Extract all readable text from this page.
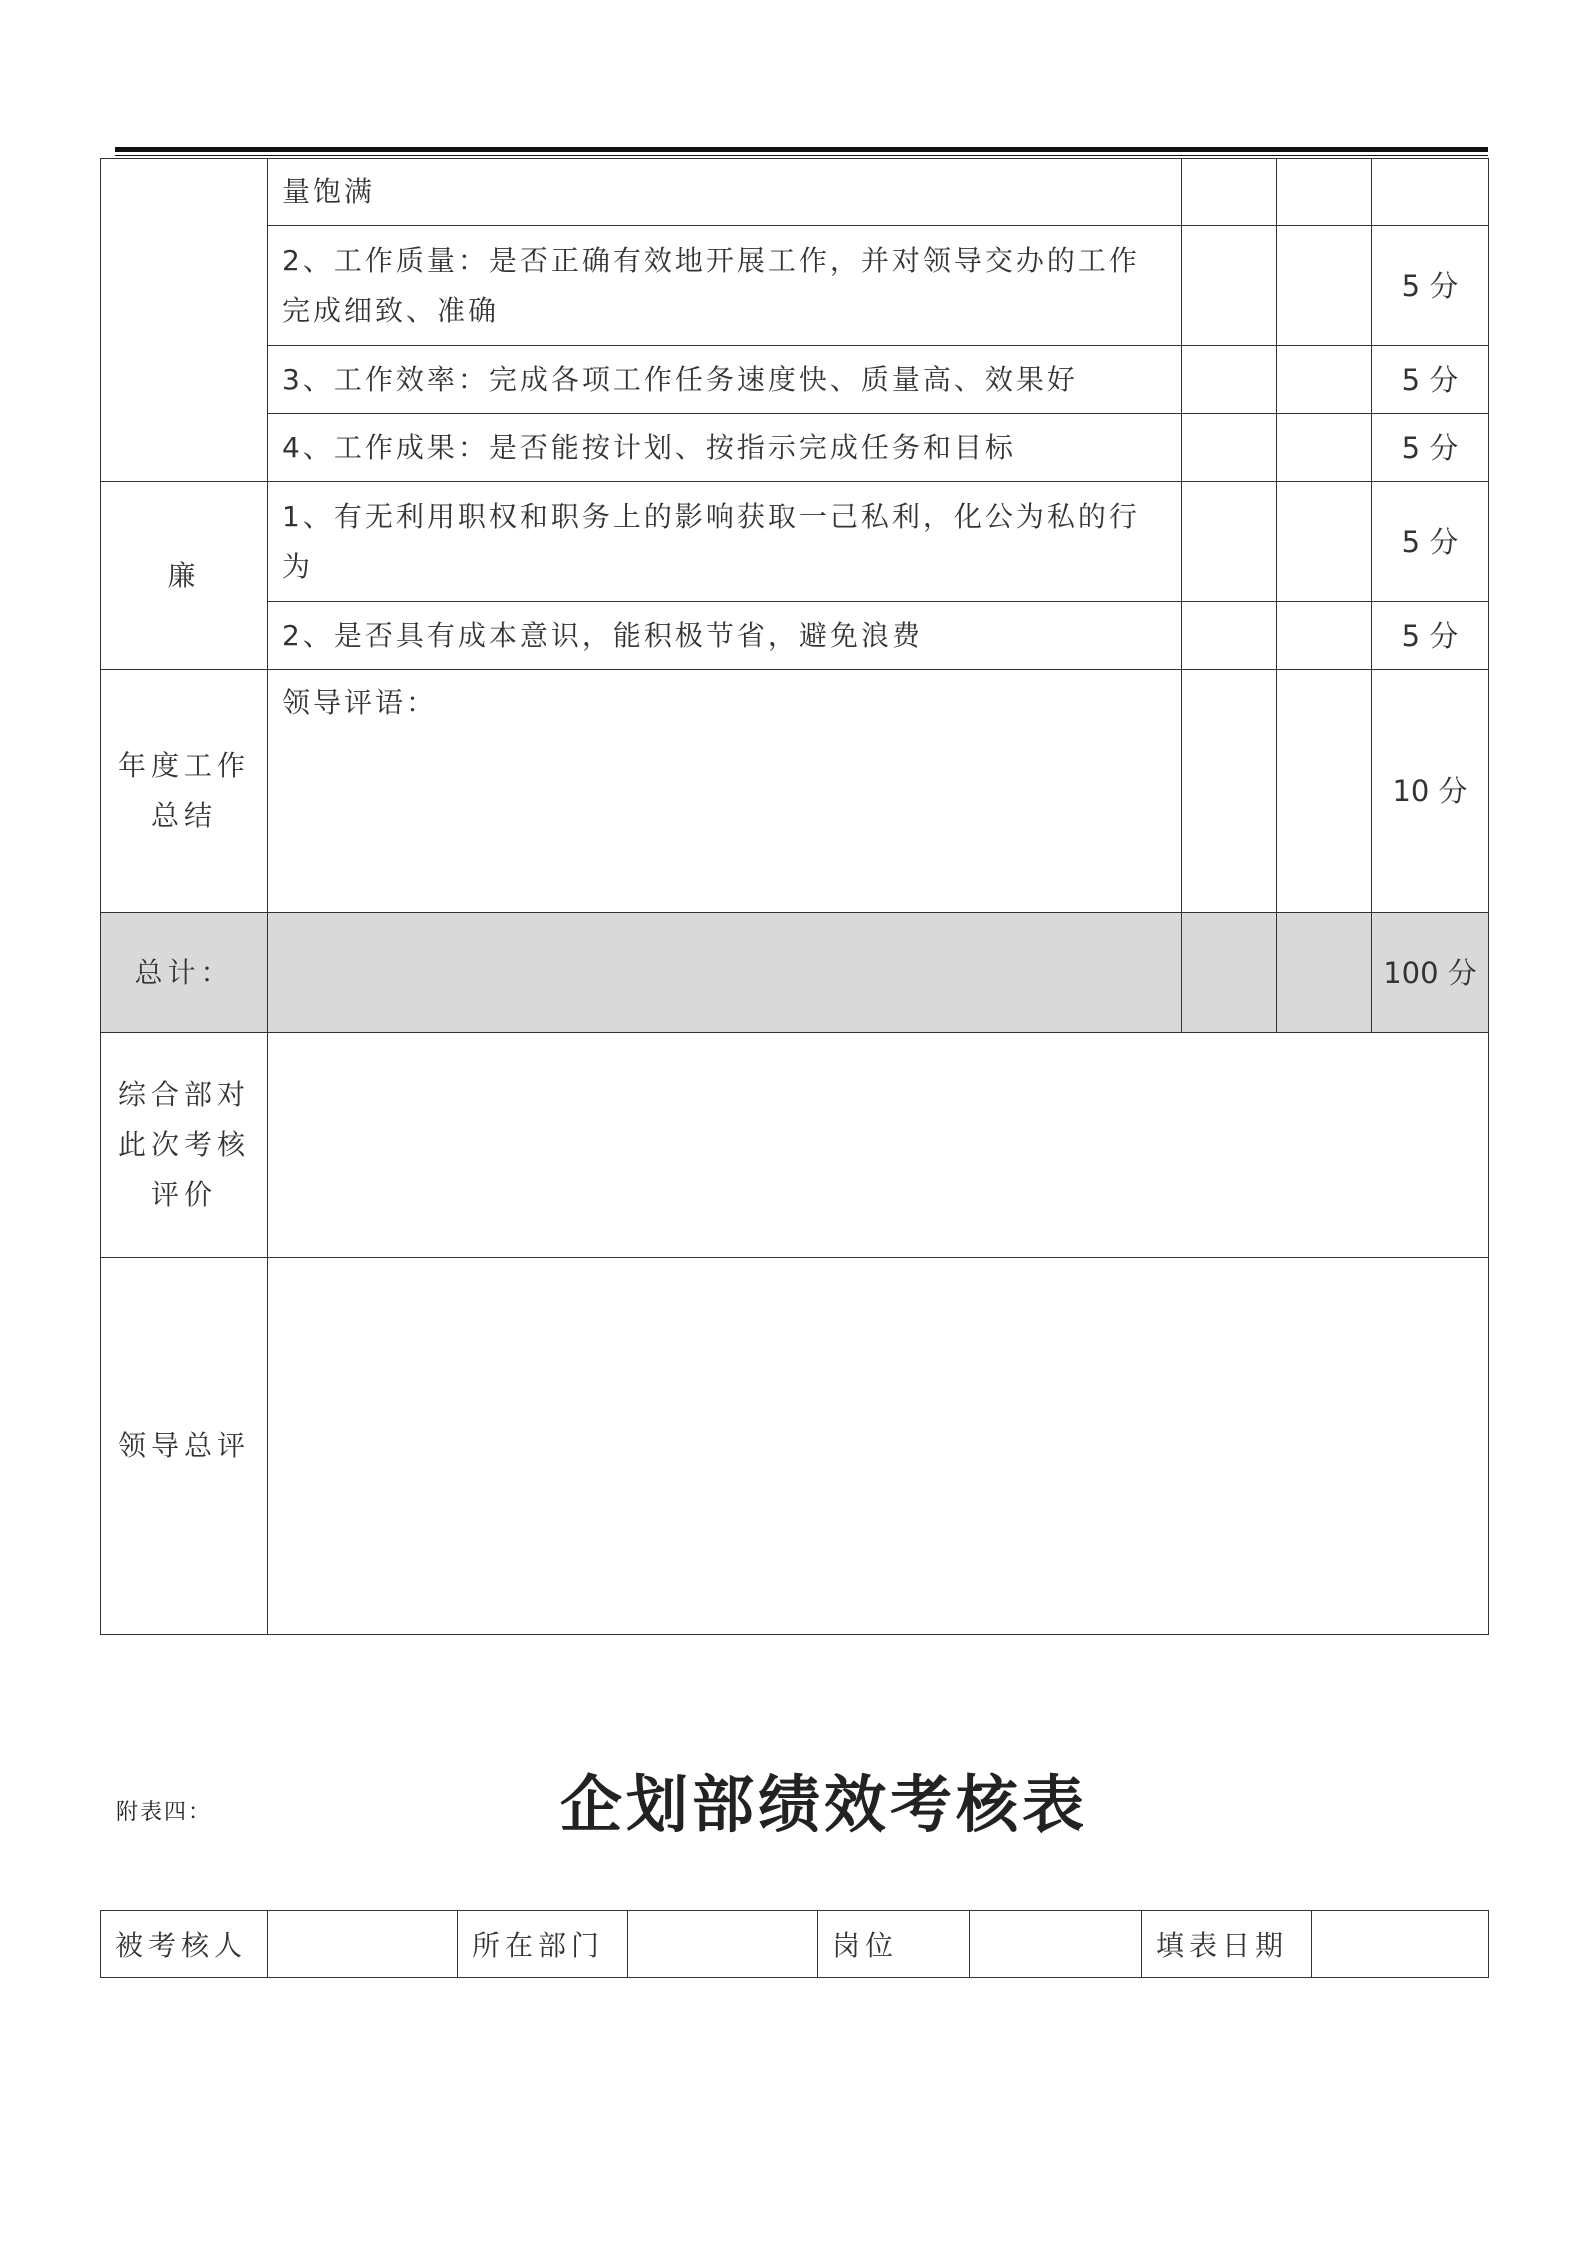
	量饱满			
	2、工作质量：是否正确有效地开展工作，并对领导交办的工作完成细致、准确			5 分
	3、工作效率：完成各项工作任务速度快、质量高、效果好			5 分
	4、工作成果：是否能按计划、按指示完成任务和目标			5 分
廉	1、有无利用职权和职务上的影响获取一己私利，化公为私的行为			5 分
	2、是否具有成本意识，能积极节省，避免浪费			5 分
年度工作总结	领导评语：			10 分
总计：				100 分
综合部对此次考核评价				
领导总评				
附表四：	企划部绩效考核表
被考核人		所在部门		岗位		填表日期	
